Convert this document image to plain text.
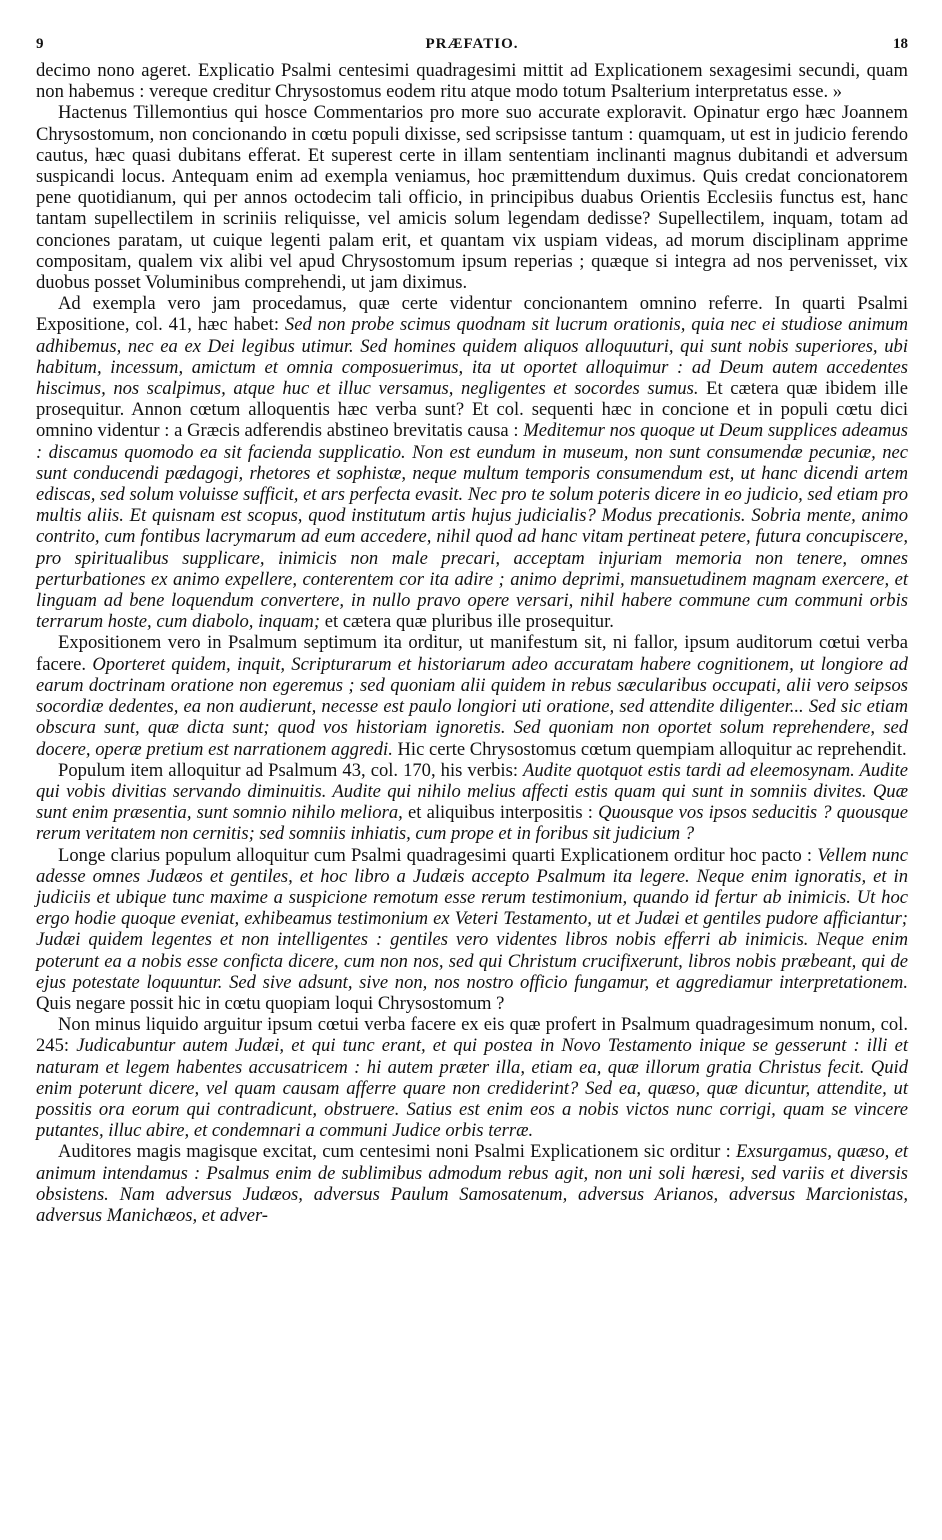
9	PRÆFATIO.	18

decimo nono ageret. Explicatio Psalmi centesimi quadragesimi mittit ad Explicationem sexagesimi secundi, quam non habemus : vereque creditur Chrysostomus eodem ritu atque modo totum Psalterium interpretatus esse. »

Hactenus Tillemontius qui hosce Commentarios pro more suo accurate exploravit. Opinatur ergo hæc Joannem Chrysostomum, non concionando in cœtu populi dixisse, sed scripsisse tantum : quamquam, ut est in judicio ferendo cautus, hæc quasi dubitans efferat. Et superest certe in illam sententiam inclinanti magnus dubitandi et adversum suspicandi locus. Antequam enim ad exempla veniamus, hoc præmittendum duximus. Quis credat concionatorem pene quotidianum, qui per annos octodecim tali officio, in principibus duabus Orientis Ecclesiis functus est, hanc tantam supellectilem in scriniis reliquisse, vel amicis solum legendam dedisse? Supellectilem, inquam, totam ad conciones paratam, ut cuique legenti palam erit, et quantam vix uspiam videas, ad morum disciplinam apprime compositam, qualem vix alibi vel apud Chrysostomum ipsum reperias ; quæque si integra ad nos pervenisset, vix duobus posset Voluminibus comprehendi, ut jam diximus.

Ad exempla vero jam procedamus, quæ certe videntur concionantem omnino referre. In quarti Psalmi Expositione, col. 41, hæc habet: Sed non probe scimus quodnam sit lucrum orationis, quia nec ei studiose animum adhibemus, nec ea ex Dei legibus utimur. Sed homines quidem aliquos alloquuturi, qui sunt nobis superiores, ubi habitum, incessum, amictum et omnia composuerimus, ita ut oportet alloquimur : ad Deum autem accedentes hiscimus, nos scalpimus, atque huc et illuc versamus, negligentes et socordes sumus. Et cætera quæ ibidem ille prosequitur. Annon cœtum alloquentis hæc verba sunt? Et col. sequenti hæc in concione et in populi cœtu dici omnino videntur : a Græcis adferendis abstineo brevitatis causa : Meditemur nos quoque ut Deum supplices adeamus : discamus quomodo ea sit facienda supplicatio. Non est eundum in museum, non sunt consumendæ pecuniæ, nec sunt conducendi pædagogi, rhetores et sophistæ, neque multum temporis consumendum est, ut hanc dicendi artem ediscas, sed solum voluisse sufficit, et ars perfecta evasit. Nec pro te solum poteris dicere in eo judicio, sed etiam pro multis aliis. Et quisnam est scopus, quod institutum artis hujus judicialis? Modus precationis. Sobria mente, animo contrito, cum fontibus lacrymarum ad eum accedere, nihil quod ad hanc vitam pertineat petere, futura concupiscere, pro spiritualibus supplicare, inimicis non male precari, acceptam injuriam memoria non tenere, omnes perturbationes ex animo expellere, conterentem cor ita adire ; animo deprimi, mansuetudinem magnam exercere, et linguam ad bene loquendum convertere, in nullo pravo opere versari, nihil habere commune cum communi orbis terrarum hoste, cum diabolo, inquam; et cætera quæ pluribus ille prosequitur.

Expositionem vero in Psalmum septimum ita orditur, ut manifestum sit, ni fallor, ipsum auditorum cœtui verba facere. Oporteret quidem, inquit, Scripturarum et historiarum adeo accuratam habere cognitionem, ut longiore ad earum doctrinam oratione non egeremus ; sed quoniam alii quidem in rebus sæcularibus occupati, alii vero seipsos socordiæ dedentes, ea non audierunt, necesse est paulo longiori uti oratione, sed attendite diligenter... Sed sic etiam obscura sunt, quæ dicta sunt; quod vos historiam ignoretis. Sed quoniam non oportet solum reprehendere, sed docere, operæ pretium est narrationem aggredi. Hic certe Chrysostomus cœtum quempiam alloquitur ac reprehendit.

Populum item alloquitur ad Psalmum 43, col. 170, his verbis: Audite quotquot estis tardi ad eleemosynam. Audite qui vobis divitias servando diminuitis. Audite qui nihilo melius affecti estis quam qui sunt in somniis divites. Quæ sunt enim præsentia, sunt somnio nihilo meliora, et aliquibus interpositis : Quousque vos ipsos seducitis ? quousque rerum veritatem non cernitis; sed somniis inhiatis, cum prope et in foribus sit judicium ?

Longe clarius populum alloquitur cum Psalmi quadragesimi quarti Explicationem orditur hoc pacto : Vellem nunc adesse omnes Judæos et gentiles, et hoc libro a Judæis accepto Psalmum ita legere. Neque enim ignoratis, et in judiciis et ubique tunc maxime a suspicione remotum esse rerum testimonium, quando id fertur ab inimicis. Ut hoc ergo hodie quoque eveniat, exhibeamus testimonium ex Veteri Testamento, ut et Judæi et gentiles pudore afficiantur; Judæi quidem legentes et non intelligentes : gentiles vero videntes libros nobis efferri ab inimicis. Neque enim poterunt ea a nobis esse conficta dicere, cum non nos, sed qui Christum crucifixerunt, libros nobis præbeant, qui de ejus potestate loquuntur. Sed sive adsunt, sive non, nos nostro officio fungamur, et aggrediamur interpretationem. Quis negare possit hic in cœtu quopiam loqui Chrysostomum ?

Non minus liquido arguitur ipsum cœtui verba facere ex eis quæ profert in Psalmum quadragesimum nonum, col. 245: Judicabuntur autem Judæi, et qui tunc erant, et qui postea in Novo Testamento inique se gesserunt : illi et naturam et legem habentes accusatricem : hi autem præter illa, etiam ea, quæ illorum gratia Christus fecit. Quid enim poterunt dicere, vel quam causam afferre quare non crediderint? Sed ea, quæso, quæ dicuntur, attendite, ut possitis ora eorum qui contradicunt, obstruere. Satius est enim eos a nobis victos nunc corrigi, quam se vincere putantes, illuc abire, et condemnari a communi Judice orbis terræ.

Auditores magis magisque excitat, cum centesimi noni Psalmi Explicationem sic orditur : Exsurgamus, quæso, et animum intendamus : Psalmus enim de sublimibus admodum rebus agit, non uni soli hæresi, sed variis et diversis obsistens. Nam adversus Judæos, adversus Paulum Samosatenum, adversus Arianos, adversus Marcionistas, adversus Manichæos, et adver-
